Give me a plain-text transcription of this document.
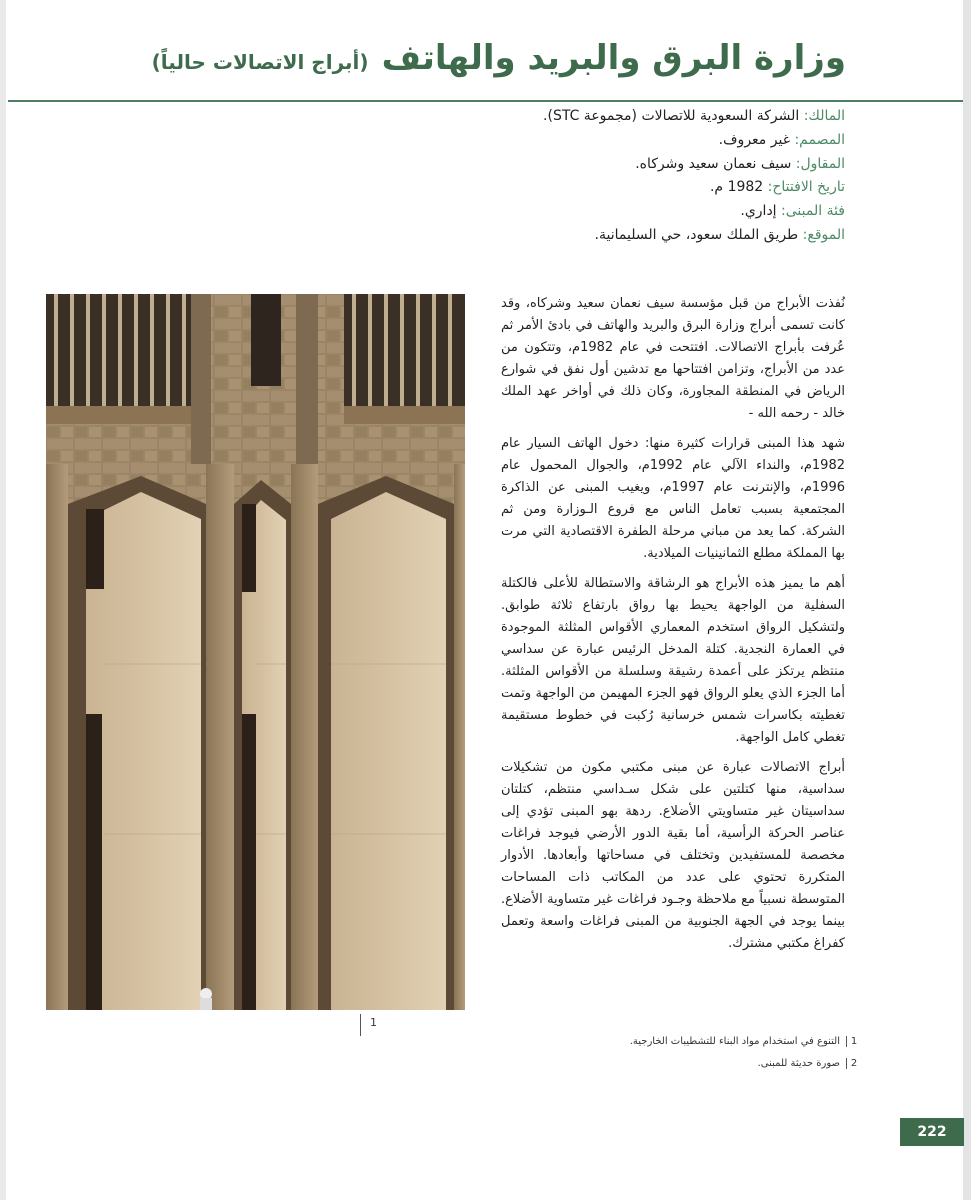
وزارة البرق والبريد والهاتف (أبراج الاتصالات حالياً)
المالك: الشركة السعودية للاتصالات (مجموعة STC).
المصمم: غير معروف.
المقاول: سيف نعمان سعيد وشركاه.
تاريخ الافتتاح: 1982 م.
فئة المبنى: إداري.
الموقع: طريق الملك سعود، حي السليمانية.

نُفذت الأبراج من قبل مؤسسة سيف نعمان سعيد وشركاه، وقد كانت تسمى أبراج وزارة البرق والبريد والهاتف في بادئ الأمر ثم عُرفت بأبراج الاتصالات. افتتحت في عام 1982م، وتتكون من عدد من الأبراج، وتزامن افتتاحها مع تدشين أول نفق في شوارع الرياض في المنطقة المجاورة، وكان ذلك في أواخر عهد الملك خالد - رحمه الله -

شهد هذا المبنى قرارات كثيرة منها: دخول الهاتف السيار عام 1982م، والنداء الآلي عام 1992م، والجوال المحمول عام 1996م، والإنترنت عام 1997م، ويغيب المبنى عن الذاكرة المجتمعية بسبب تعامل الناس مع فروع الـوزارة ومن ثم الشركة. كما يعد من مباني مرحلة الطفرة الاقتصادية التي مرت بها المملكة مطلع الثمانينيات الميلادية.

أهم ما يميز هذه الأبراج هو الرشاقة والاستطالة للأعلى فالكتلة السفلية من الواجهة يحيط بها رواق بارتفاع ثلاثة طوابق. ولتشكيل الرواق استخدم المعماري الأقواس المثلثة الموجودة في العمارة النجدية. كتلة المدخل الرئيس عبارة عن سداسي منتظم يرتكز على أعمدة رشيقة وسلسلة من الأقواس المثلثة. أما الجزء الذي يعلو الرواق فهو الجزء المهيمن من الواجهة وتمت تغطيته بكاسرات شمس خرسانية رُكبت في خطوط مستقيمة تغطي كامل الواجهة.

أبراج الاتصالات عبارة عن مبنى مكتبي مكون من تشكيلات سداسية، منها كتلتين على شكل سـداسي منتظم، كتلتان سداسيتان غير متساويتي الأضلاع. ردهة بهو المبنى تؤدي إلى عناصر الحركة الرأسية، أما بقية الدور الأرضي فيوجد فراغات مخصصة للمستفيدين وتختلف في مساحاتها وأبعادها. الأدوار المتكررة تحتوي على عدد من المكاتب ذات المساحات المتوسطة نسبياً مع ملاحظة وجـود فراغات غير متساوية الأضلاع. بينما يوجد في الجهة الجنوبية من المبنى فراغات واسعة وتعمل كفراغ مكتبي مشترك.

1
1التنوع في استخدام مواد البناء للتشطيبات الخارجية.
2صورة حديثة للمبنى.
222
